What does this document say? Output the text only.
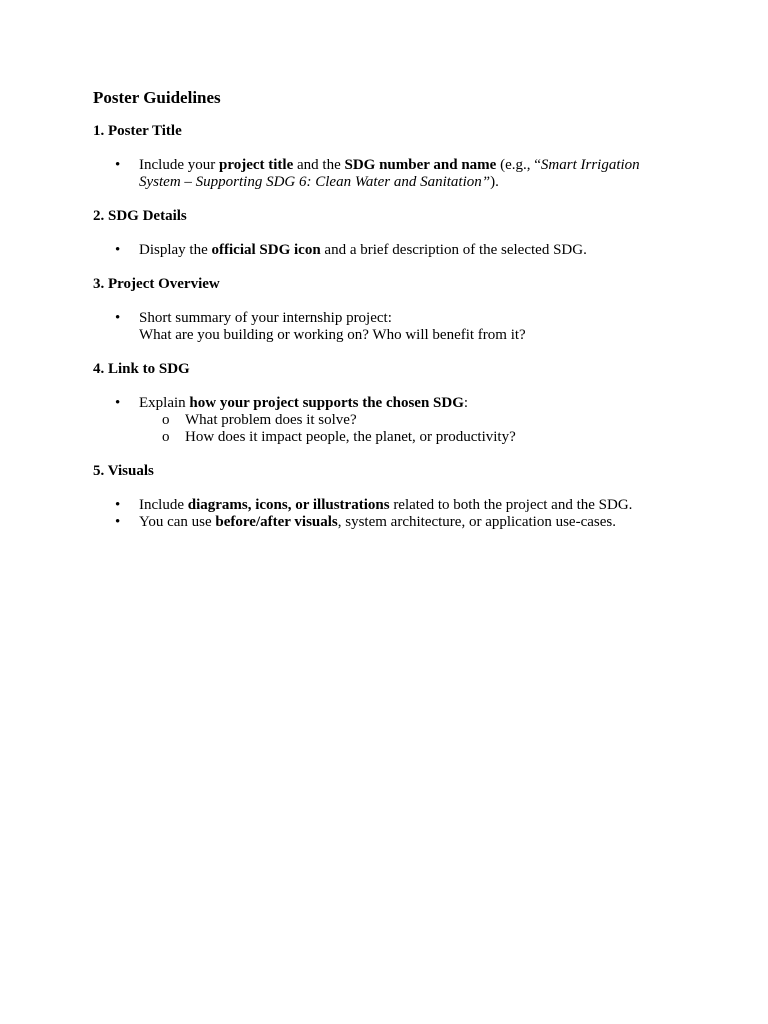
Poster Guidelines
1. Poster Title
• Include your project title and the SDG number and name (e.g., “Smart Irrigation System – Supporting SDG 6: Clean Water and Sanitation”).
2. SDG Details
• Display the official SDG icon and a brief description of the selected SDG.
3. Project Overview
• Short summary of your internship project:
What are you building or working on? Who will benefit from it?
4. Link to SDG
• Explain how your project supports the chosen SDG:
o What problem does it solve?
o How does it impact people, the planet, or productivity?
5. Visuals
• Include diagrams, icons, or illustrations related to both the project and the SDG.
• You can use before/after visuals, system architecture, or application use-cases.
